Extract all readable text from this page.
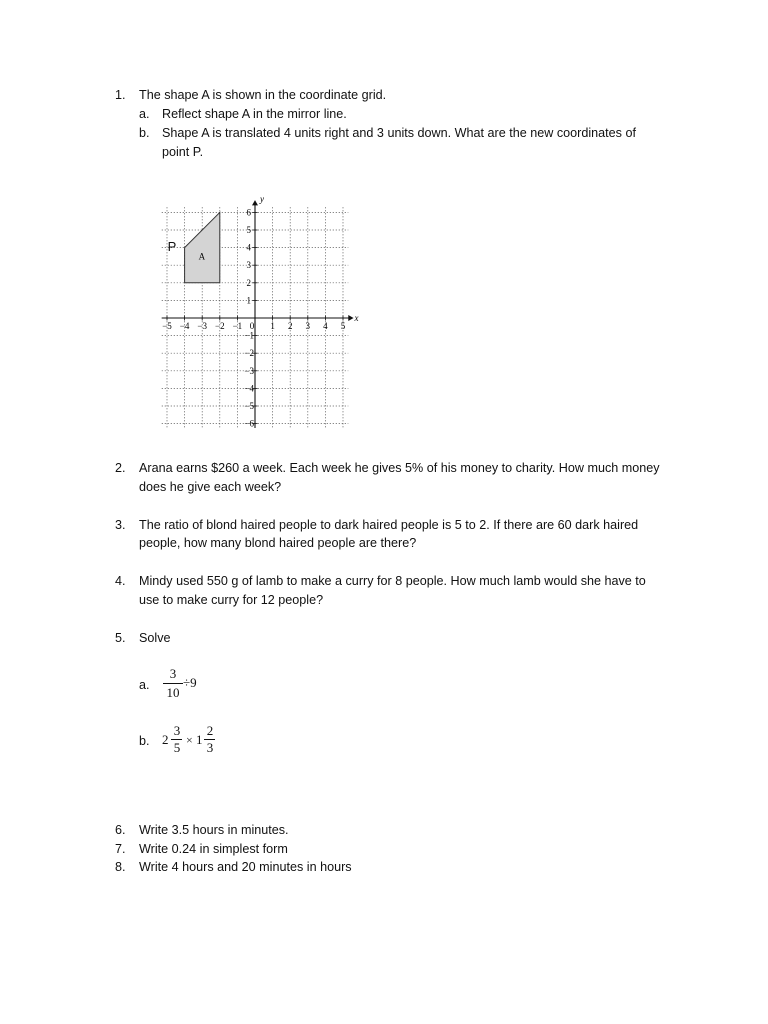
1. The shape A is shown in the coordinate grid.
a. Reflect shape A in the mirror line.
b. Shape A is translated 4 units right and 3 units down. What are the new coordinates of
point P.
−5 −4 −3 −2 −1 0 1 2 3 4 5
6
5
4
3
2
1
−1
−2
−3
−4
−5
−6
y
x
A
P
2. Arana earns $260 a week. Each week he gives 5% of his money to charity. How much money
does he give each week?
3. The ratio of blond haired people to dark haired people is 5 to 2. If there are 60 dark haired
people, how many blond haired people are there?
4. Mindy used 550 g of lamb to make a curry for 8 people. How much lamb would she have to
use to make curry for 12 people?
5. Solve
a.
3
10
÷9
b. 2
3
5 × 1
2
3
6. Write 3.5 hours in minutes.
7. Write 0.24 in simplest form
8. Write 4 hours and 20 minutes in hours
